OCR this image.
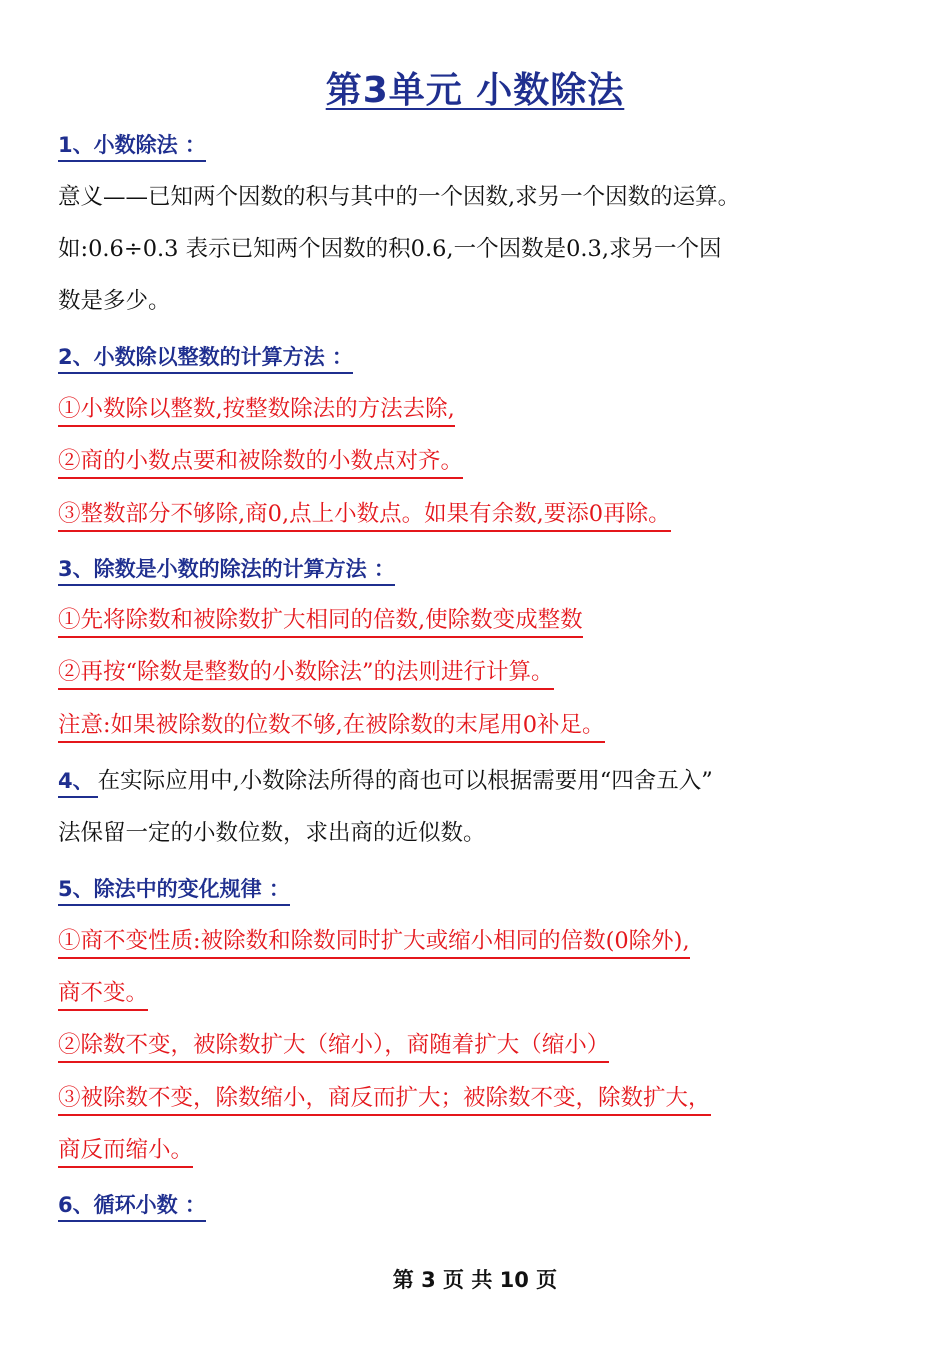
第3单元 小数除法
1、小数除法 ：
意义——已知两个因数的积与其中的一个因数,求另一个因数的运算。
如:0.6÷0.3 表示已知两个因数的积0.6,一个因数是0.3,求另一个因
数是多少。
2、小数除以整数的计算方法 ：
①小数除以整数,按整数除法的方法去除,
②商的小数点要和被除数的小数点对齐。
③整数部分不够除,商0,点上小数点。如果有余数,要添0再除。
3、除数是小数的除法的计算方法 ：
①先将除数和被除数扩大相同的倍数,使除数变成整数
②再按“除数是整数的小数除法”的法则进行计算。
注意:如果被除数的位数不够,在被除数的末尾用0补足。
4、 在实际应用中,小数除法所得的商也可以根据需要用“四舍五入”
法保留一定的小数位数，求出商的近似数。
5、除法中的变化规律 ：
①商不变性质:被除数和除数同时扩大或缩小相同的倍数(0除外),
商不变。
②除数不变，被除数扩大（缩小），商随着扩大（缩小）
③被除数不变，除数缩小，商反而扩大；被除数不变，除数扩大，
商反而缩小。
6、循环小数 ：
第 3 页 共 10 页
